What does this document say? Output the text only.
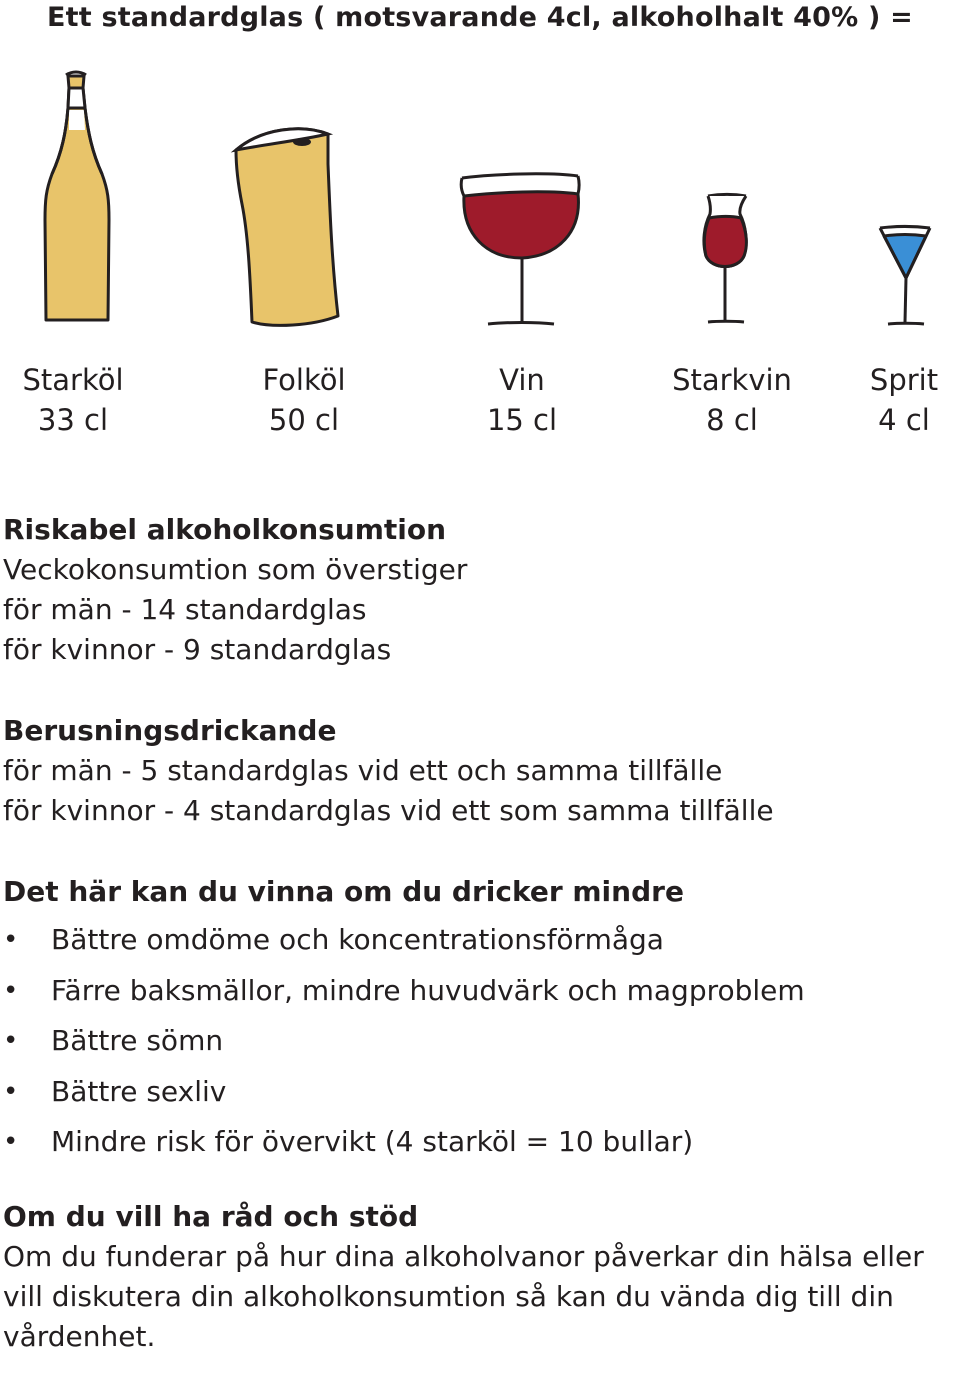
Ett standardglas ( motsvarande 4cl, alkoholhalt 40% ) =
Starköl
33 cl
Folköl
50 cl
Vin
15 cl
Starkvin
8 cl
Sprit
4 cl
Riskabel alkoholkonsumtion
Veckokonsumtion som överstiger
för män - 14 standardglas
för kvinnor - 9 standardglas
Berusningsdrickande
för män - 5 standardglas vid ett och samma tillfälle
för kvinnor - 4 standardglas vid ett som samma tillfälle
Det här kan du vinna om du dricker mindre
• Bättre omdöme och koncentrationsförmåga
• Färre baksmällor, mindre huvudvärk och magproblem
• Bättre sömn
• Bättre sexliv
• Mindre risk för övervikt (4 starköl = 10 bullar)
Om du vill ha råd och stöd
Om du funderar på hur dina alkoholvanor påverkar din hälsa eller vill diskutera din alkoholkonsumtion så kan du vända dig till din vårdenhet.
